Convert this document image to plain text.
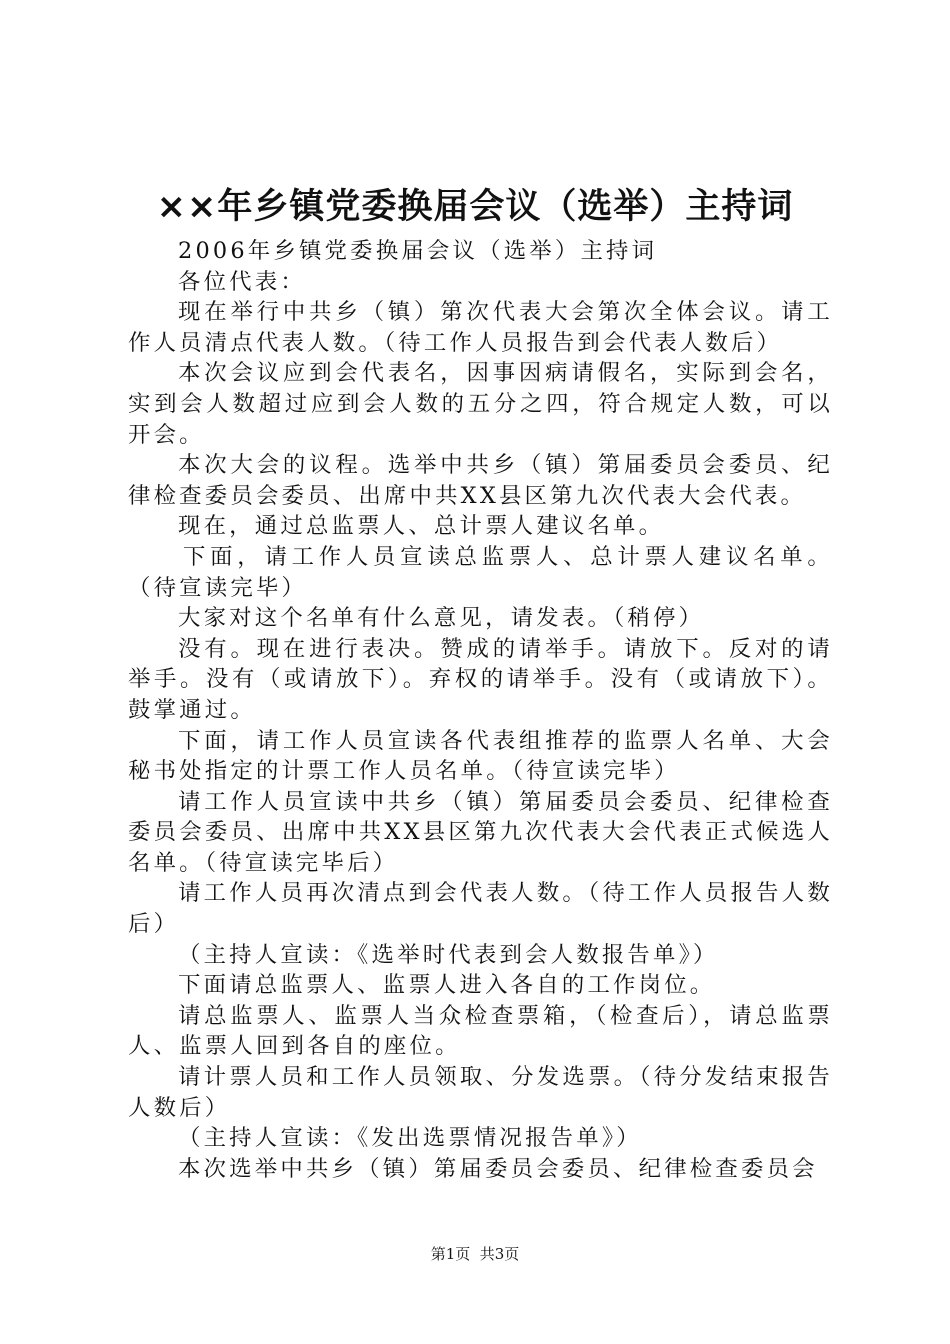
××年乡镇党委换届会议（选举）主持词

2006年乡镇党委换届会议（选举）主持词

各位代表：

现在举行中共乡（镇）第次代表大会第次全体会议。请工作人员清点代表人数。（待工作人员报告到会代表人数后）

本次会议应到会代表名，因事因病请假名，实际到会名，实到会人数超过应到会人数的五分之四，符合规定人数，可以开会。

本次大会的议程。选举中共乡（镇）第届委员会委员、纪律检查委员会委员、出席中共XX县区第九次代表大会代表。

现在，通过总监票人、总计票人建议名单。

下面，请工作人员宣读总监票人、总计票人建议名单。（待宣读完毕）

大家对这个名单有什么意见，请发表。（稍停）

没有。现在进行表决。赞成的请举手。请放下。反对的请举手。没有（或请放下）。弃权的请举手。没有（或请放下）。鼓掌通过。

下面，请工作人员宣读各代表组推荐的监票人名单、大会秘书处指定的计票工作人员名单。（待宣读完毕）

请工作人员宣读中共乡（镇）第届委员会委员、纪律检查委员会委员、出席中共XX县区第九次代表大会代表正式候选人名单。（待宣读完毕后）

请工作人员再次清点到会代表人数。（待工作人员报告人数后）

（主持人宣读：《选举时代表到会人数报告单》）

下面请总监票人、监票人进入各自的工作岗位。

请总监票人、监票人当众检查票箱，（检查后），请总监票人、监票人回到各自的座位。

请计票人员和工作人员领取、分发选票。（待分发结束报告人数后）

（主持人宣读：《发出选票情况报告单》）

本次选举中共乡（镇）第届委员会委员、纪律检查委员会

第1页  共3页
